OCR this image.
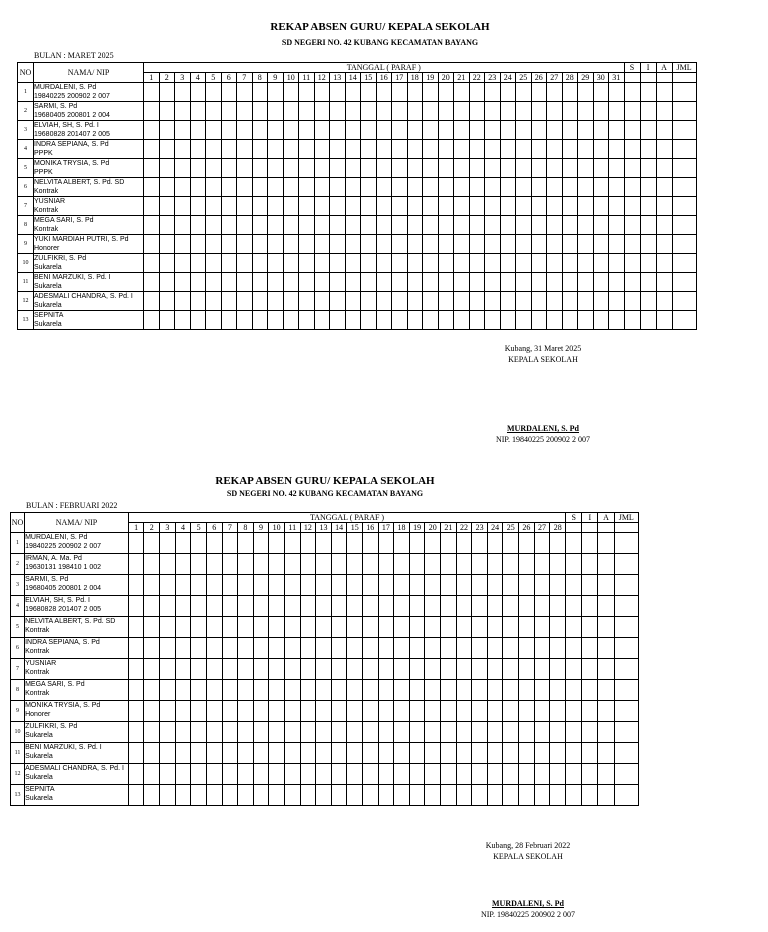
REKAP ABSEN GURU/ KEPALA SEKOLAH
SD NEGERI NO. 42 KUBANG KECAMATAN BAYANG
BULAN : MARET 2025
NO	NAMA/ NIP	TANGGAL ( PARAF )																															S	I	A	JML
		1	2	3	4	5	6	7	8	9	10	11	12	13	14	15	16	17	18	19	20	21	22	23	24	25	26	27	28	29	30	31				
1	MURDALENI, S. Pd
19840225 200902 2 007																																			

2	SARMI, S. Pd
19680405 200801 2 004																																			

3	ELVIAH, SH, S. Pd. I
19680828 201407 2 005																																			

4	INDRA SEPIANA, S. Pd
PPPK																																			

5	MONIKA TRYSIA, S. Pd
PPPK																																			

6	NELVITA ALBERT, S. Pd. SD
Kontrak																																			

7	YUSNIAR
Kontrak																																			

8	MEGA SARI, S. Pd
Kontrak																																			

9	YUKI MARDIAH PUTRI, S. Pd
Honorer																																			

10	ZULFIKRI, S. Pd
Sukarela																																			

11	BENI MARZUKI, S. Pd. I
Sukarela																																			

12	ADESMALI CHANDRA, S. Pd. I
Sukarela																																			

13	SEPNITA
Sukarela																																			

Kubang, 31 Maret 2025
KEPALA SEKOLAH
MURDALENI, S. Pd
NIP. 19840225 200902 2 007
REKAP ABSEN GURU/ KEPALA SEKOLAH
SD NEGERI NO. 42 KUBANG KECAMATAN BAYANG
BULAN : FEBRUARI 2022
NO	NAMA/ NIP	TANGGAL ( PARAF )																												S	I	A	JML
		1	2	3	4	5	6	7	8	9	10	11	12	13	14	15	16	17	18	19	20	21	22	23	24	25	26	27	28				
1	MURDALENI, S. Pd
19840225 200902 2 007																																

2	IRMAN, A. Ma. Pd
19630131 198410 1 002																																

3	SARMI, S. Pd
19680405 200801 2 004																																

4	ELVIAH, SH, S. Pd. I
19680828 201407 2 005																																

5	NELVITA ALBERT, S. Pd. SD
Kontrak																																

6	INDRA SEPIANA, S. Pd
Kontrak																																

7	YUSNIAR
Kontrak																																

8	MEGA SARI, S. Pd
Kontrak																																

9	MONIKA TRYSIA, S. Pd
Honorer																																

10	ZULFIKRI, S. Pd
Sukarela																																

11	BENI MARZUKI, S. Pd. I
Sukarela																																

12	ADESMALI CHANDRA, S. Pd. I
Sukarela																																

13	SEPNITA
Sukarela																																

Kubang, 28 Februari 2022
KEPALA SEKOLAH
MURDALENI, S. Pd
NIP. 19840225 200902 2 007
